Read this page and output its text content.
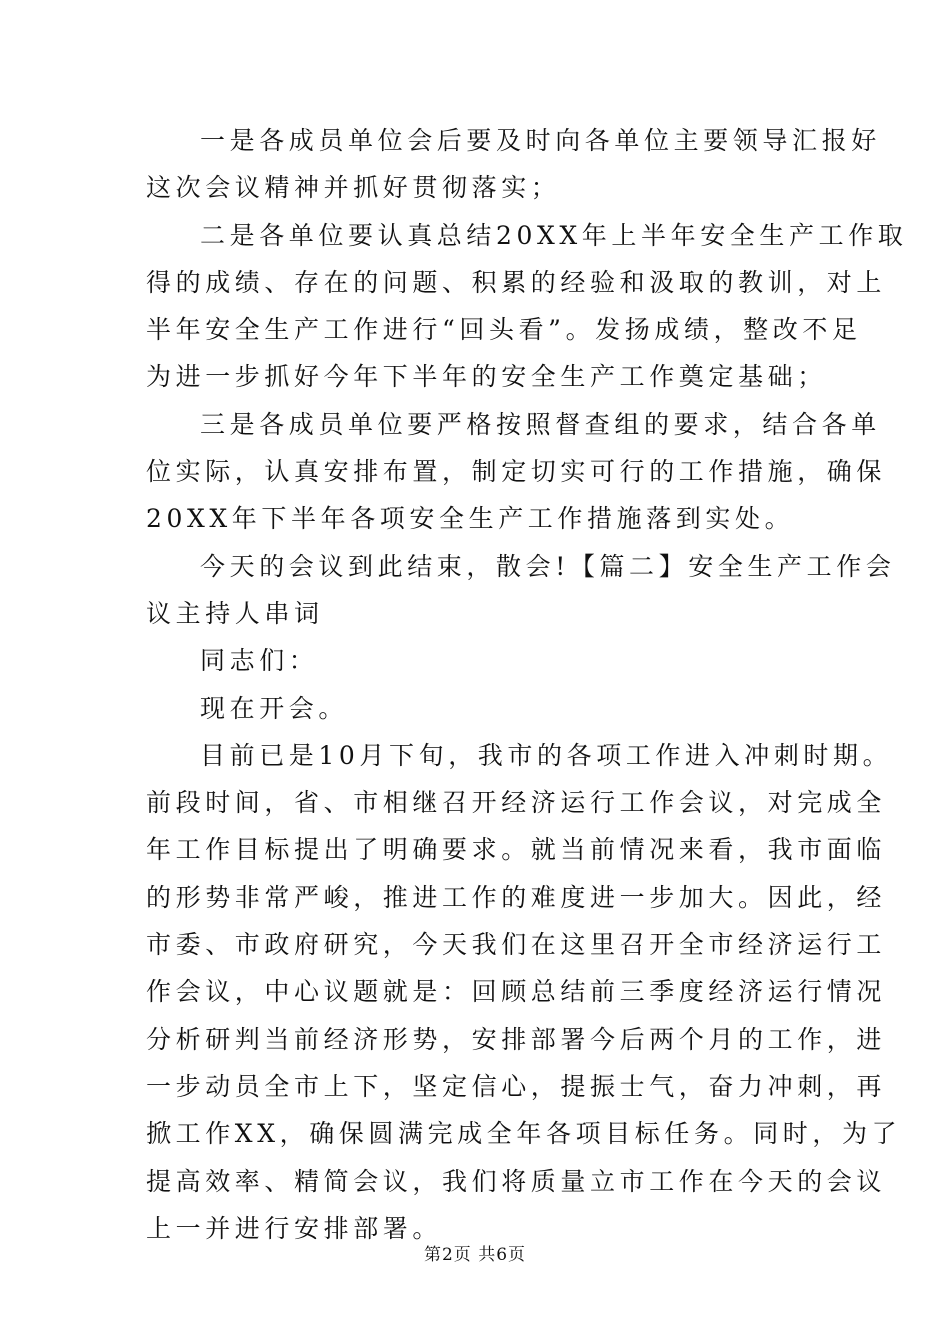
一是各成员单位会后要及时向各单位主要领导汇报好
这次会议精神并抓好贯彻落实；
二是各单位要认真总结20XX年上半年安全生产工作取
得的成绩、存在的问题、积累的经验和汲取的教训，对上
半年安全生产工作进行“回头看”。发扬成绩，整改不足
为进一步抓好今年下半年的安全生产工作奠定基础；
三是各成员单位要严格按照督查组的要求，结合各单
位实际，认真安排布置，制定切实可行的工作措施，确保
20XX年下半年各项安全生产工作措施落到实处。
今天的会议到此结束，散会!【篇二】安全生产工作会
议主持人串词
同志们：
现在开会。
目前已是10月下旬，我市的各项工作进入冲刺时期。
前段时间，省、市相继召开经济运行工作会议，对完成全
年工作目标提出了明确要求。就当前情况来看，我市面临
的形势非常严峻，推进工作的难度进一步加大。因此，经
市委、市政府研究，今天我们在这里召开全市经济运行工
作会议，中心议题就是：回顾总结前三季度经济运行情况
分析研判当前经济形势，安排部署今后两个月的工作，进
一步动员全市上下，坚定信心，提振士气，奋力冲刺，再
掀工作XX，确保圆满完成全年各项目标任务。同时，为了
提高效率、精简会议，我们将质量立市工作在今天的会议
上一并进行安排部署。
第2页 共6页
